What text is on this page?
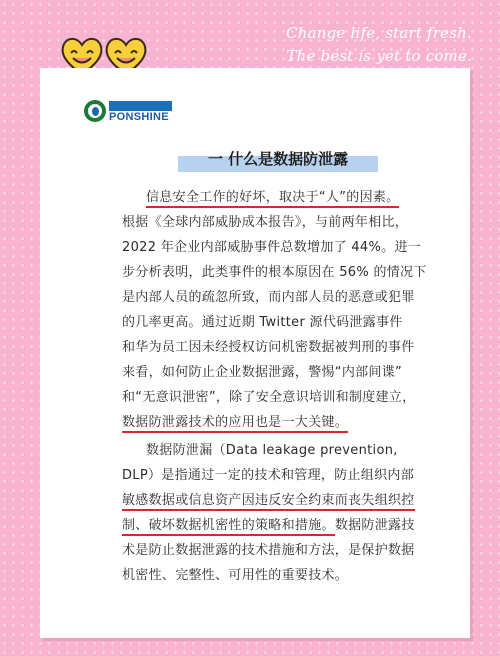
Change life, start fresh.
The best is yet to come.
PONSHINE
一 什么是数据防泄露
信息安全工作的好坏，取决于“人”的因素。
根据《全球内部威胁成本报告》，与前两年相比，
2022 年企业内部威胁事件总数增加了 44%。进一
步分析表明，此类事件的根本原因在 56% 的情况下
是内部人员的疏忽所致，而内部人员的恶意或犯罪
的几率更高。通过近期 Twitter 源代码泄露事件
和华为员工因未经授权访问机密数据被判刑的事件
来看，如何防止企业数据泄露，警惕“内部间谍”
和“无意识泄密”，除了安全意识培训和制度建立，
数据防泄露技术的应用也是一大关键。
数据防泄漏（Data leakage prevention,
DLP）是指通过一定的技术和管理，防止组织内部
敏感数据或信息资产因违反安全约束而丧失组织控
制、破坏数据机密性的策略和措施。数据防泄露技
术是防止数据泄露的技术措施和方法，是保护数据
机密性、完整性、可用性的重要技术。
